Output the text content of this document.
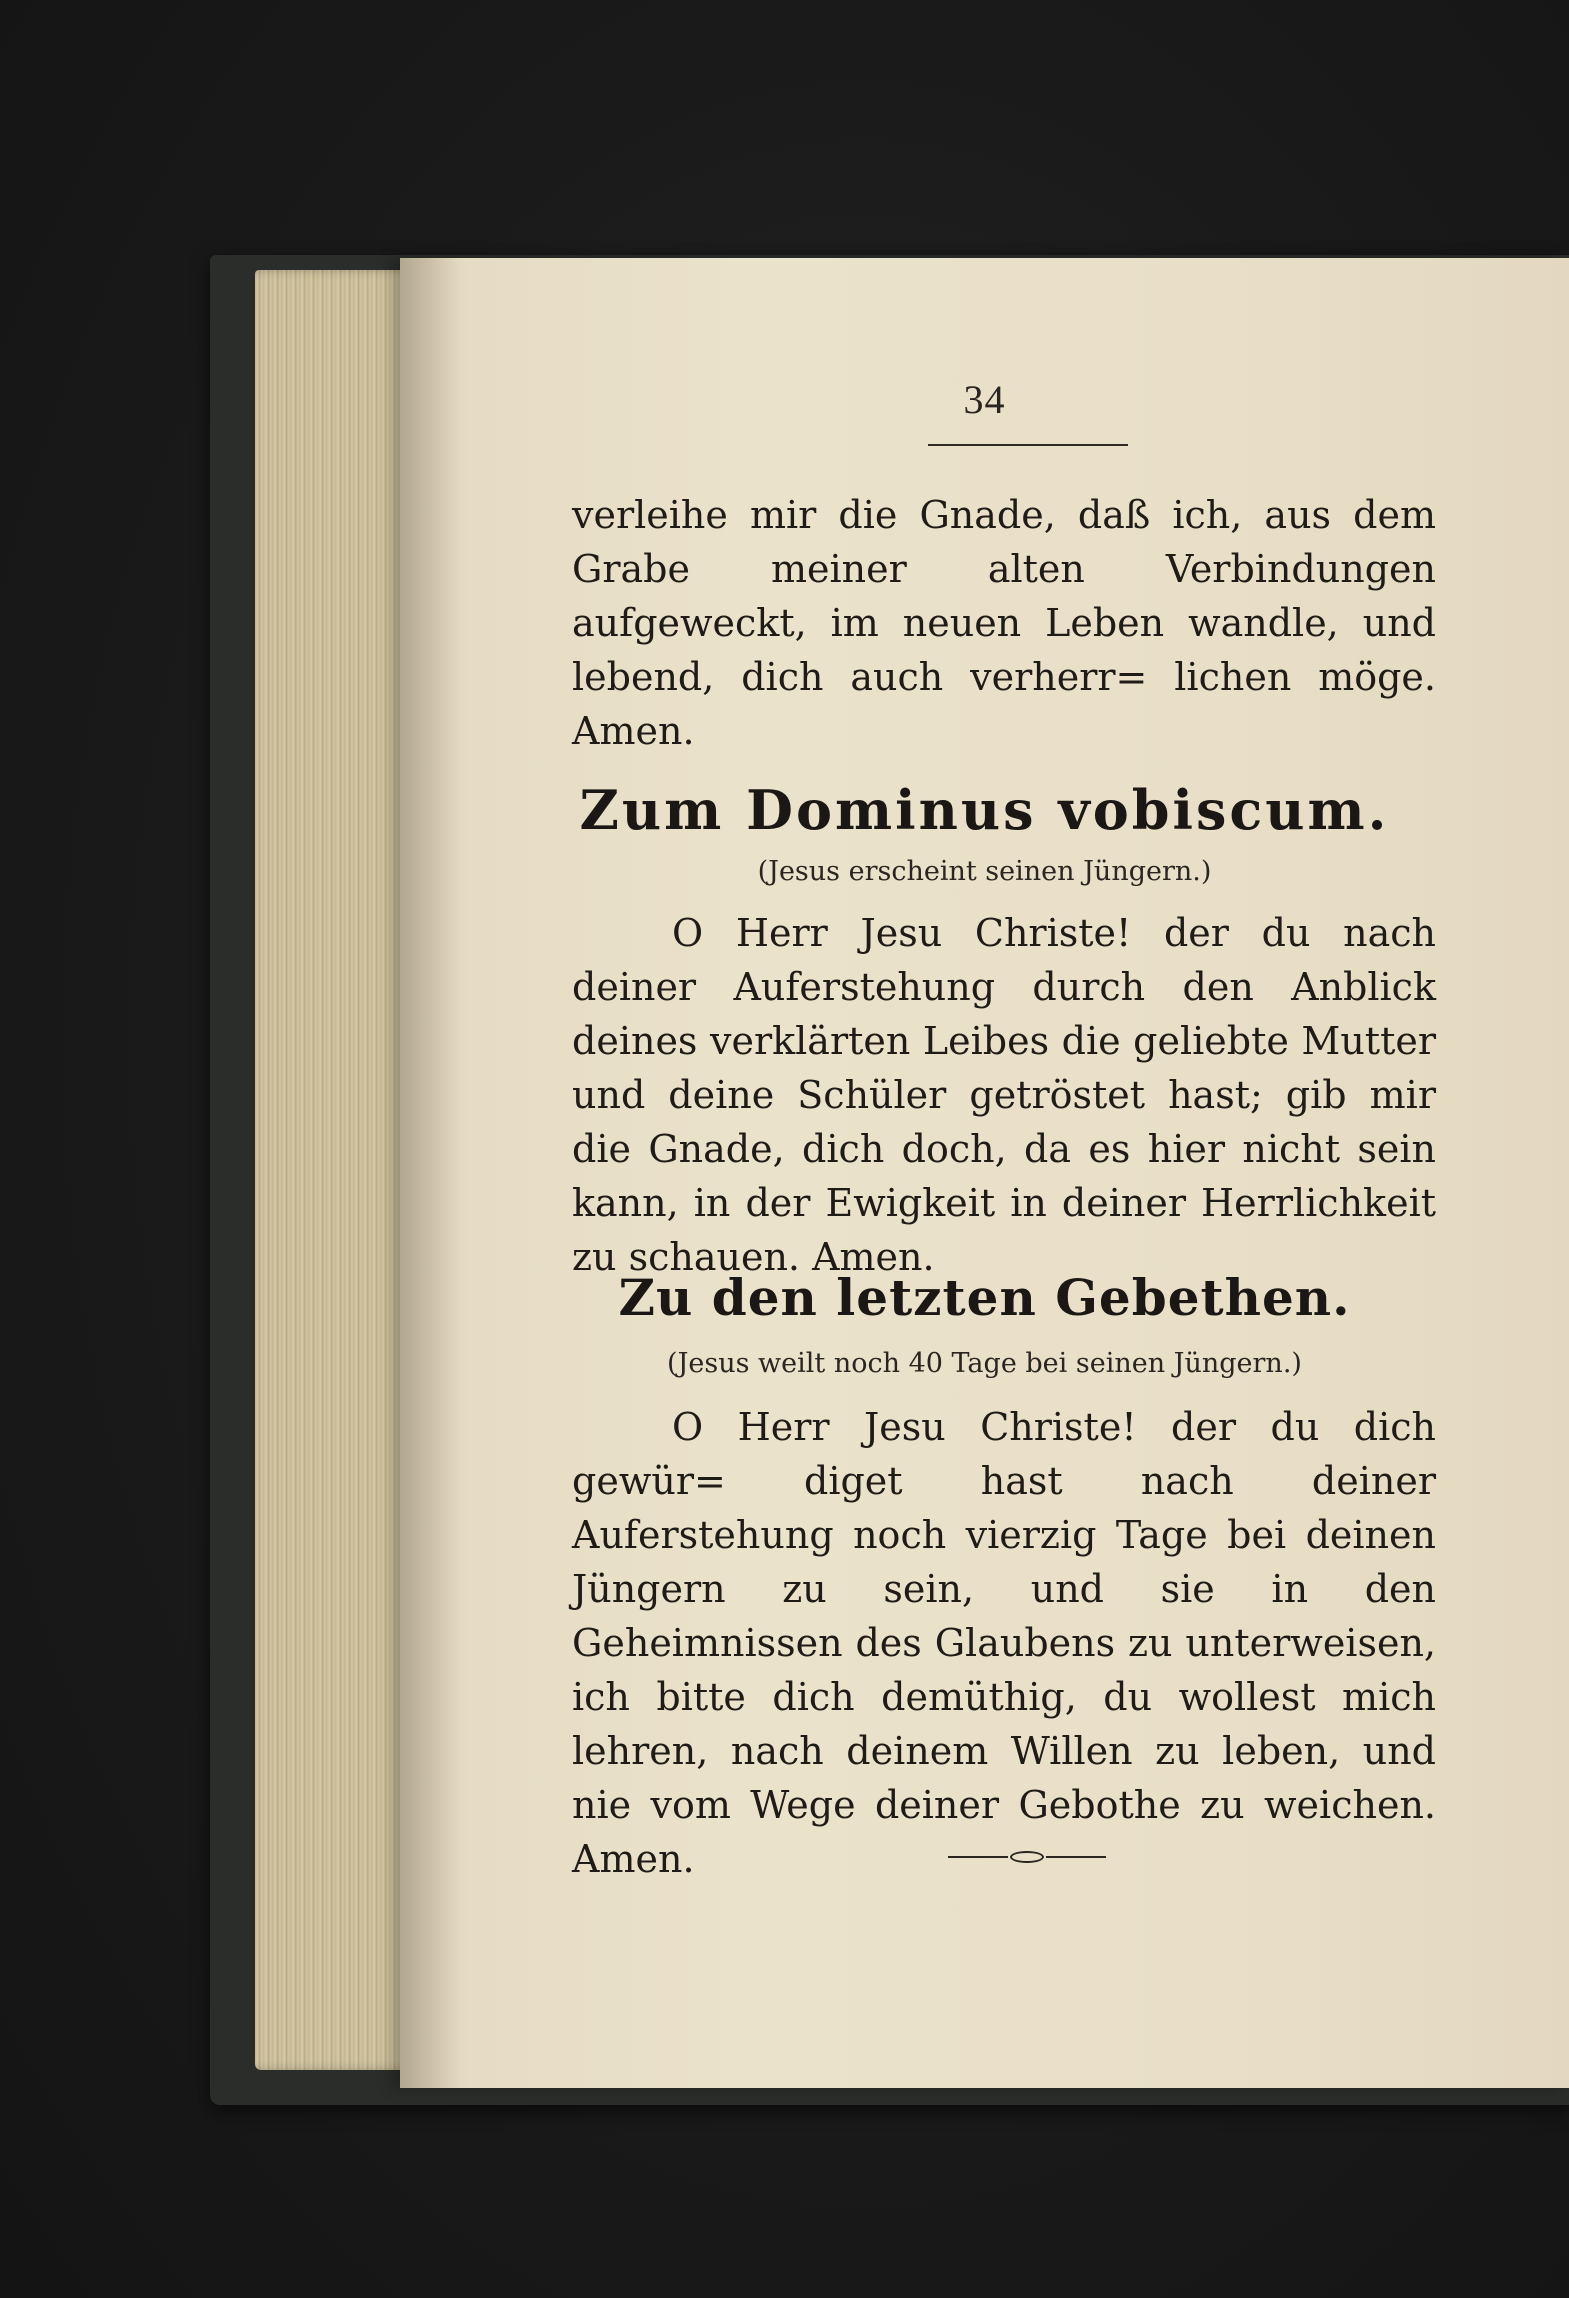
34

verleihe mir die Gnade, daß ich, aus dem Grabe meiner alten Verbindungen aufgeweckt, im neuen Leben wandle, und lebend, dich auch verherr= lichen möge. Amen.

Zum Dominus vobiscum.
(Jesus erscheint seinen Jüngern.)

O Herr Jesu Christe! der du nach deiner Auferstehung durch den Anblick deines verklärten Leibes die geliebte Mutter und deine Schüler getröstet hast; gib mir die Gnade, dich doch, da es hier nicht sein kann, in der Ewigkeit in deiner Herrlichkeit zu schauen. Amen.

Zu den letzten Gebethen.
(Jesus weilt noch 40 Tage bei seinen Jüngern.)

O Herr Jesu Christe! der du dich gewür= diget hast nach deiner Auferstehung noch vierzig Tage bei deinen Jüngern zu sein, und sie in den Geheimnissen des Glaubens zu unterweisen, ich bitte dich demüthig, du wollest mich lehren, nach deinem Willen zu leben, und nie vom Wege deiner Gebothe zu weichen. Amen.
